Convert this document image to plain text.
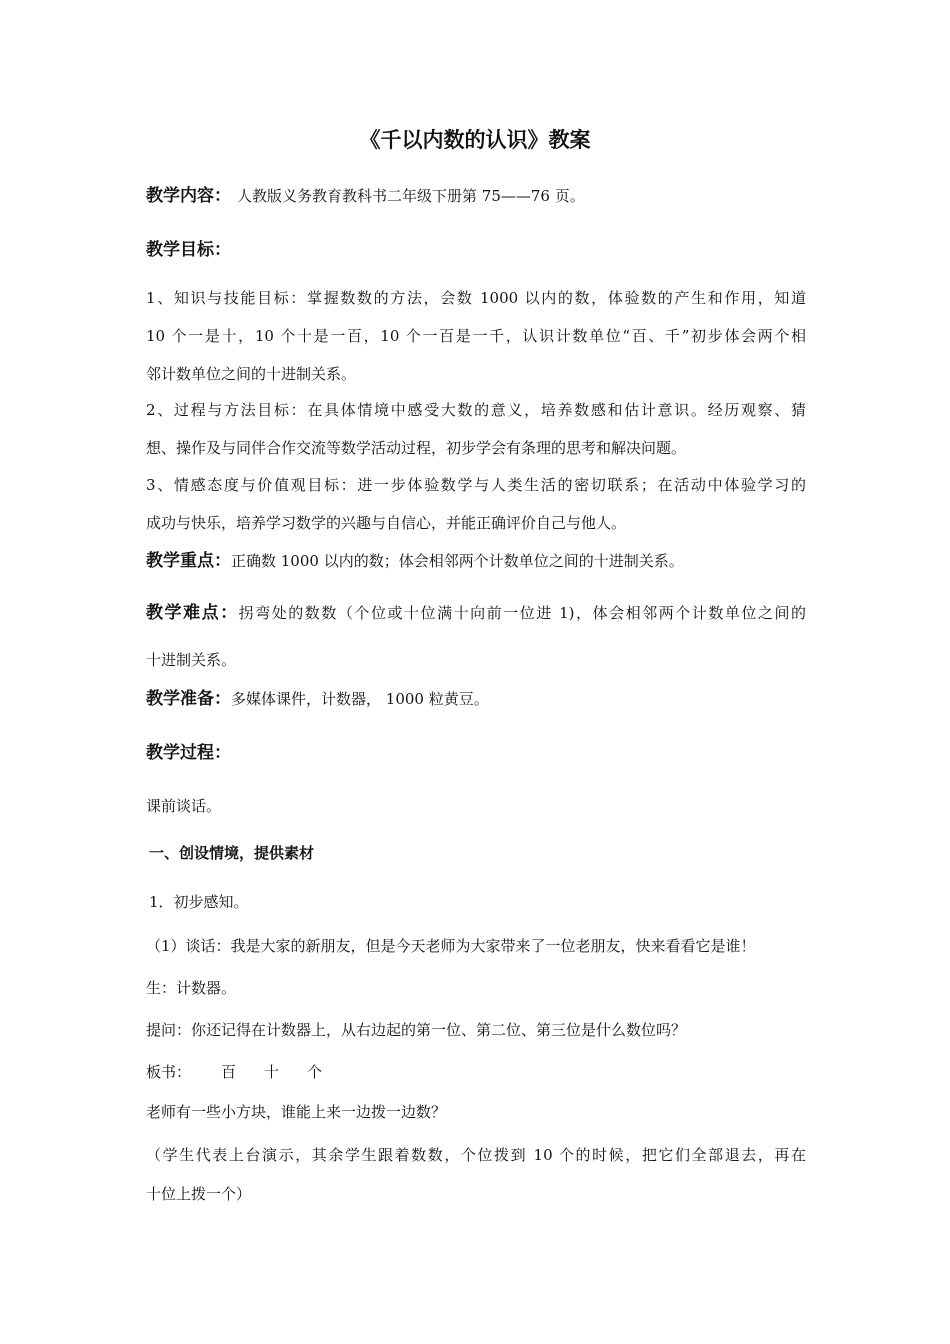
《千以内数的认识》教案
教学内容： 人教版义务教育教科书二年级下册第 75——76 页。
教学目标：
1、知识与技能目标：掌握数数的方法，会数 1000 以内的数，体验数的产生和作用，知道
10 个一是十，10 个十是一百，10 个一百是一千，认识计数单位“百、千”初步体会两个相
邻计数单位之间的十进制关系。
2、过程与方法目标：在具体情境中感受大数的意义，培养数感和估计意识。经历观察、猜
想、操作及与同伴合作交流等数学活动过程，初步学会有条理的思考和解决问题。
3、情感态度与价值观目标：进一步体验数学与人类生活的密切联系；在活动中体验学习的
成功与快乐，培养学习数学的兴趣与自信心，并能正确评价自己与他人。
教学重点：正确数 1000 以内的数；体会相邻两个计数单位之间的十进制关系。
教学难点：拐弯处的数数（个位或十位满十向前一位进 1)，体会相邻两个计数单位之间的
十进制关系。
教学准备：多媒体课件，计数器， 1000 粒黄豆。
教学过程：
课前谈话。
一、创设情境，提供素材
1．初步感知。
（1）谈话：我是大家的新朋友，但是今天老师为大家带来了一位老朋友，快来看看它是谁！
生：计数器。
提问：你还记得在计数器上，从右边起的第一位、第二位、第三位是什么数位吗？
板书： 百 十 个
老师有一些小方块，谁能上来一边拨一边数？
（学生代表上台演示，其余学生跟着数数，个位拨到 10 个的时候，把它们全部退去，再在
十位上拨一个）
